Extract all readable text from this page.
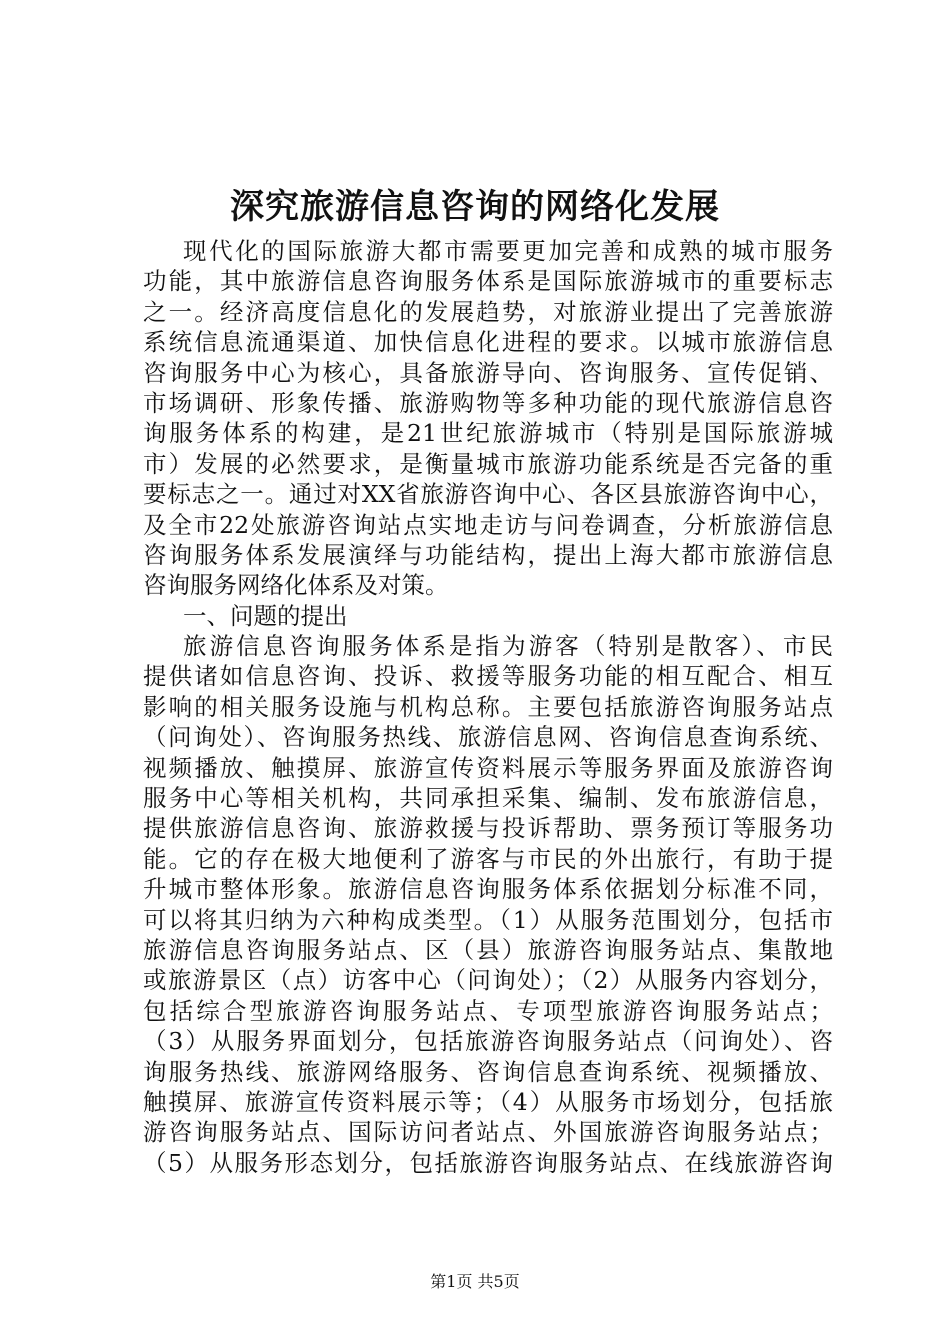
深究旅游信息咨询的网络化发展
现代化的国际旅游大都市需要更加完善和成熟的城市服务
功能，其中旅游信息咨询服务体系是国际旅游城市的重要标志
之一。经济高度信息化的发展趋势，对旅游业提出了完善旅游
系统信息流通渠道、加快信息化进程的要求。以城市旅游信息
咨询服务中心为核心，具备旅游导向、咨询服务、宣传促销、
市场调研、形象传播、旅游购物等多种功能的现代旅游信息咨
询服务体系的构建，是21世纪旅游城市（特别是国际旅游城
市）发展的必然要求，是衡量城市旅游功能系统是否完备的重
要标志之一。通过对XX省旅游咨询中心、各区县旅游咨询中心，
及全市22处旅游咨询站点实地走访与问卷调查，分析旅游信息
咨询服务体系发展演绎与功能结构，提出上海大都市旅游信息
咨询服务网络化体系及对策。
一、问题的提出
旅游信息咨询服务体系是指为游客（特别是散客）、市民
提供诸如信息咨询、投诉、救援等服务功能的相互配合、相互
影响的相关服务设施与机构总称。主要包括旅游咨询服务站点
（问询处）、咨询服务热线、旅游信息网、咨询信息查询系统、
视频播放、触摸屏、旅游宣传资料展示等服务界面及旅游咨询
服务中心等相关机构，共同承担采集、编制、发布旅游信息，
提供旅游信息咨询、旅游救援与投诉帮助、票务预订等服务功
能。它的存在极大地便利了游客与市民的外出旅行，有助于提
升城市整体形象。旅游信息咨询服务体系依据划分标准不同，
可以将其归纳为六种构成类型。（1）从服务范围划分，包括市
旅游信息咨询服务站点、区（县）旅游咨询服务站点、集散地
或旅游景区（点）访客中心（问询处）；（2）从服务内容划分，
包括综合型旅游咨询服务站点、专项型旅游咨询服务站点；
（3）从服务界面划分，包括旅游咨询服务站点（问询处）、咨
询服务热线、旅游网络服务、咨询信息查询系统、视频播放、
触摸屏、旅游宣传资料展示等；（4）从服务市场划分，包括旅
游咨询服务站点、国际访问者站点、外国旅游咨询服务站点；
（5）从服务形态划分，包括旅游咨询服务站点、在线旅游咨询
第1页 共5页
